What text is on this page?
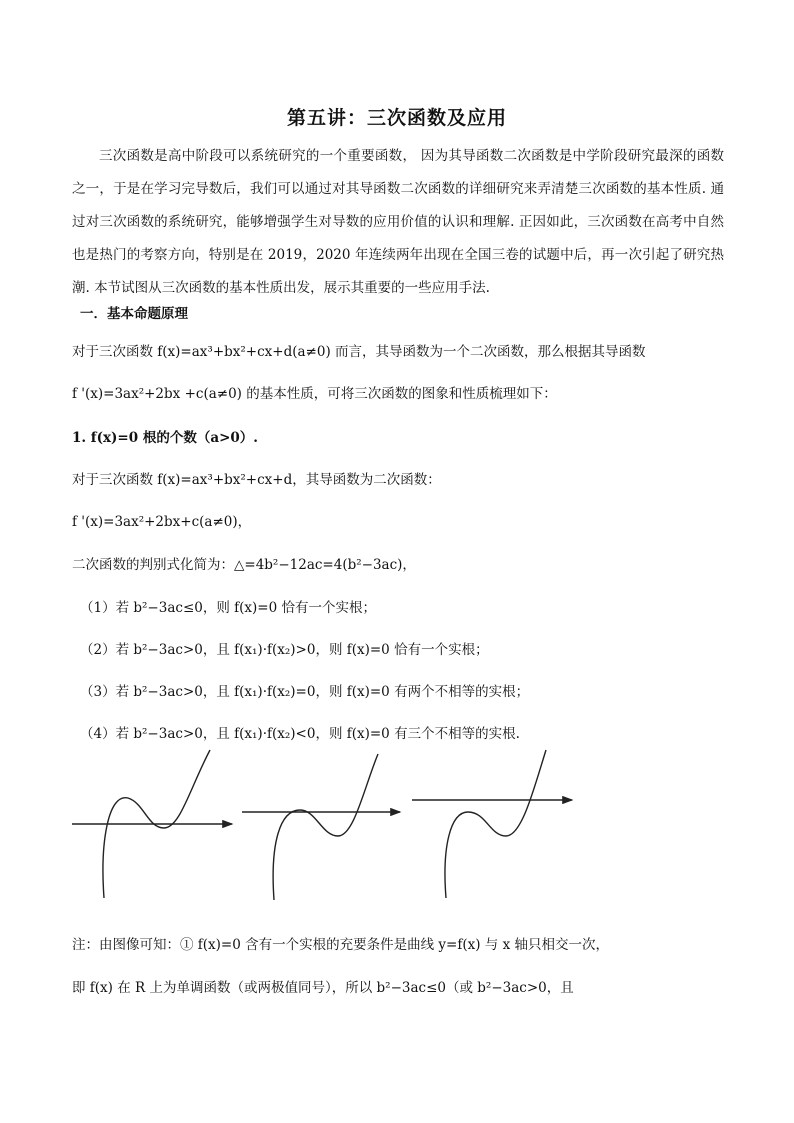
第五讲：三次函数及应用

三次函数是高中阶段可以系统研究的一个重要函数， 因为其导函数二次函数是中学阶段研究最深的函数之一，于是在学习完导数后，我们可以通过对其导函数二次函数的详细研究来弄清楚三次函数的基本性质. 通过对三次函数的系统研究，能够增强学生对导数的应用价值的认识和理解. 正因如此，三次函数在高考中自然也是热门的考察方向，特别是在 2019，2020 年连续两年出现在全国三卷的试题中后，再一次引起了研究热潮. 本节试图从三次函数的基本性质出发，展示其重要的一些应用手法.

一．基本命题原理

对于三次函数 f(x)=ax³+bx²+cx+d(a≠0) 而言，其导函数为一个二次函数，那么根据其导函数

f '(x)=3ax²+2bx +c(a≠0) 的基本性质，可将三次函数的图象和性质梳理如下：

1. f(x)=0 根的个数（a>0）.

对于三次函数 f(x)=ax³+bx²+cx+d，其导函数为二次函数：

f '(x)=3ax²+2bx+c(a≠0)，

二次函数的判别式化简为：△=4b²−12ac=4(b²−3ac)，

（1）若 b²−3ac≤0，则 f(x)=0 恰有一个实根；

（2）若 b²−3ac>0，且 f(x₁)·f(x₂)>0，则 f(x)=0 恰有一个实根；

（3）若 b²−3ac>0，且 f(x₁)·f(x₂)=0，则 f(x)=0 有两个不相等的实根；

（4）若 b²−3ac>0，且 f(x₁)·f(x₂)<0，则 f(x)=0 有三个不相等的实根.

注：由图像可知：① f(x)=0 含有一个实根的充要条件是曲线 y=f(x) 与 x 轴只相交一次，

即 f(x) 在 R 上为单调函数（或两极值同号），所以 b²−3ac≤0（或 b²−3ac>0，且
